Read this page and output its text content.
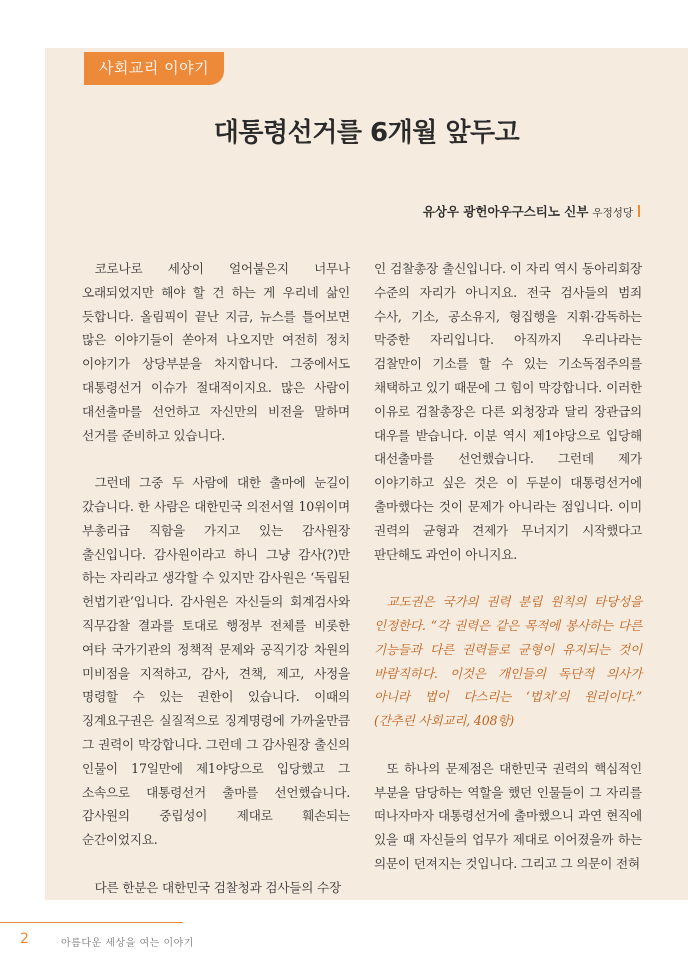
사회교리 이야기
대통령선거를 6개월 앞두고
유상우 광헌아우구스티노 신부 우정성당

코로나로 세상이 얼어붙은지 너무나 오래되었지만 해야 할 건 하는 게 우리네 삶인 듯합니다. 올림픽이 끝난 지금, 뉴스를 틀어보면 많은 이야기들이 쏟아져 나오지만 여전히 정치 이야기가 상당부분을 차지합니다. 그중에서도 대통령선거 이슈가 절대적이지요. 많은 사람이 대선출마를 선언하고 자신만의 비전을 말하며 선거를 준비하고 있습니다.

그런데 그중 두 사람에 대한 출마에 눈길이 갔습니다. 한 사람은 대한민국 의전서열 10위이며 부총리급 직함을 가지고 있는 감사원장 출신입니다. 감사원이라고 하니 그냥 감사(?)만 하는 자리라고 생각할 수 있지만 감사원은 ‘독립된 헌법기관’입니다. 감사원은 자신들의 회계검사와 직무감찰 결과를 토대로 행정부 전체를 비롯한 여타 국가기관의 정책적 문제와 공직기강 차원의 미비점을 지적하고, 감사, 견책, 제고, 사정을 명령할 수 있는 권한이 있습니다. 이때의 징계요구권은 실질적으로 징계명령에 가까울만큼 그 권력이 막강합니다. 그런데 그 감사원장 출신의 인물이 17일만에 제1야당으로 입당했고 그 소속으로 대통령선거 출마를 선언했습니다. 감사원의 중립성이 제대로 훼손되는 순간이었지요.

다른 한분은 대한민국 검찰청과 검사들의 수장

인 검찰총장 출신입니다. 이 자리 역시 동아리회장 수준의 자리가 아니지요. 전국 검사들의 범죄 수사, 기소, 공소유지, 형집행을 지휘·감독하는 막중한 자리입니다. 아직까지 우리나라는 검찰만이 기소를 할 수 있는 기소독점주의를 채택하고 있기 때문에 그 힘이 막강합니다. 이러한 이유로 검찰총장은 다른 외청장과 달리 장관급의 대우를 받습니다. 이분 역시 제1야당으로 입당해 대선출마를 선언했습니다. 그런데 제가 이야기하고 싶은 것은 이 두분이 대통령선거에 출마했다는 것이 문제가 아니라는 점입니다. 이미 권력의 균형과 견제가 무너지기 시작했다고 판단해도 과언이 아니지요.

교도권은 국가의 권력 분립 원칙의 타당성을 인정한다. “각 권력은 같은 목적에 봉사하는 다른 기능들과 다른 권력들로 균형이 유지되는 것이 바람직하다. 이것은 개인들의 독단적 의사가 아니라 법이 다스리는 ‘법치’의 원리이다.” (간추린 사회교리, 408항)

또 하나의 문제점은 대한민국 권력의 핵심적인 부분을 담당하는 역할을 했던 인물들이 그 자리를 떠나자마자 대통령선거에 출마했으니 과연 현직에 있을 때 자신들의 업무가 제대로 이어졌을까 하는 의문이 던져지는 것입니다. 그리고 그 의문이 전혀

2	아름다운 세상을 여는 이야기
